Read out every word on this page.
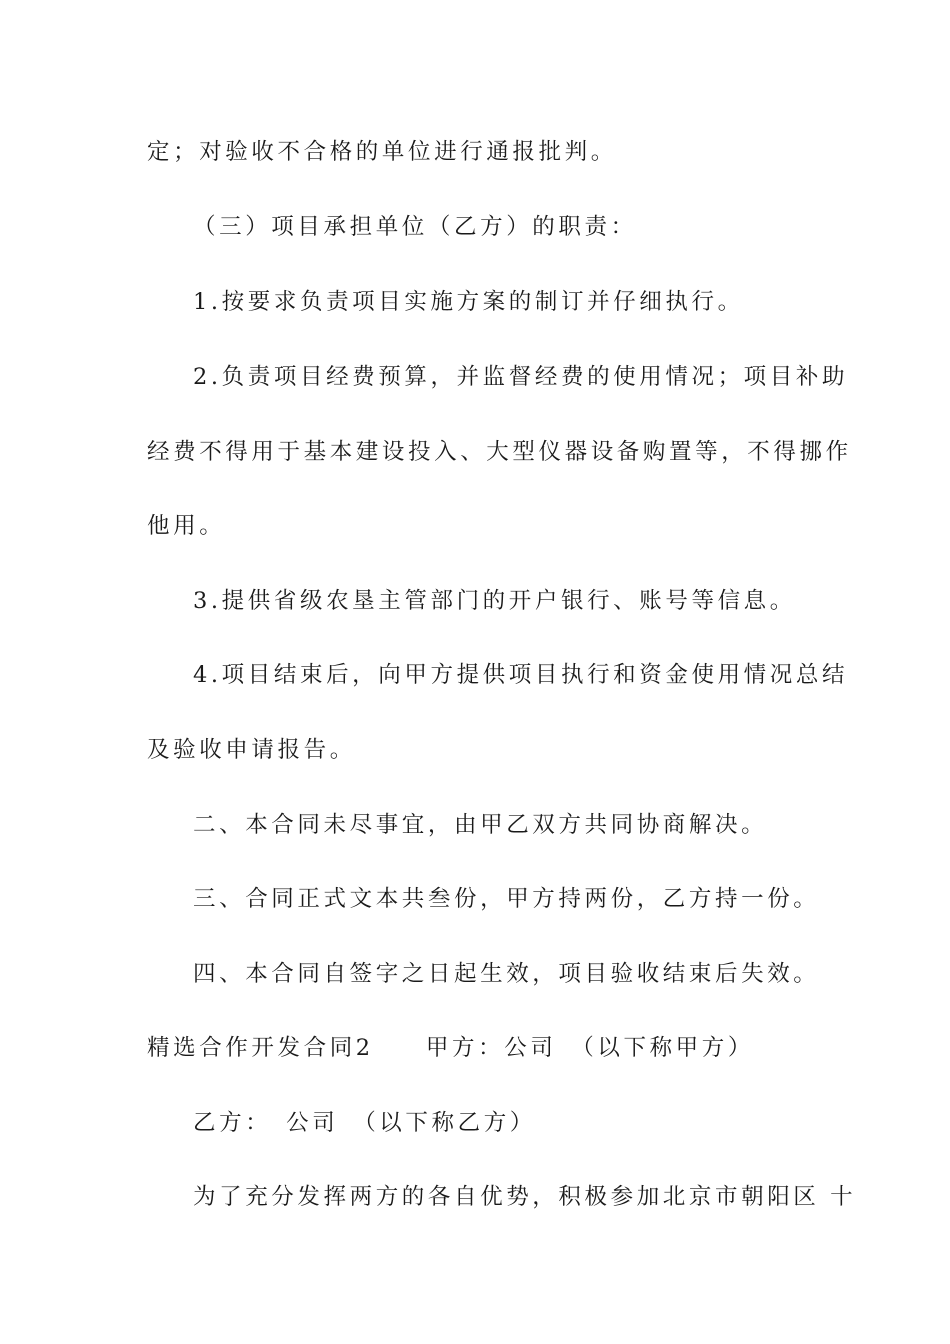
定；对验收不合格的单位进行通报批判。
（三）项目承担单位（乙方）的职责：
1.按要求负责项目实施方案的制订并仔细执行。
2.负责项目经费预算，并监督经费的使用情况；项目补助
经费不得用于基本建设投入、大型仪器设备购置等，不得挪作
他用。
3.提供省级农垦主管部门的开户银行、账号等信息。
4.项目结束后，向甲方提供项目执行和资金使用情况总结
及验收申请报告。
二、本合同未尽事宜，由甲乙双方共同协商解决。
三、合同正式文本共叁份，甲方持两份，乙方持一份。
四、本合同自签字之日起生效，项目验收结束后失效。
精选合作开发合同2　　甲方：公司　（以下称甲方）
乙方：　公司　（以下称乙方）
为了充分发挥两方的各自优势，积极参加北京市朝阳区 十
